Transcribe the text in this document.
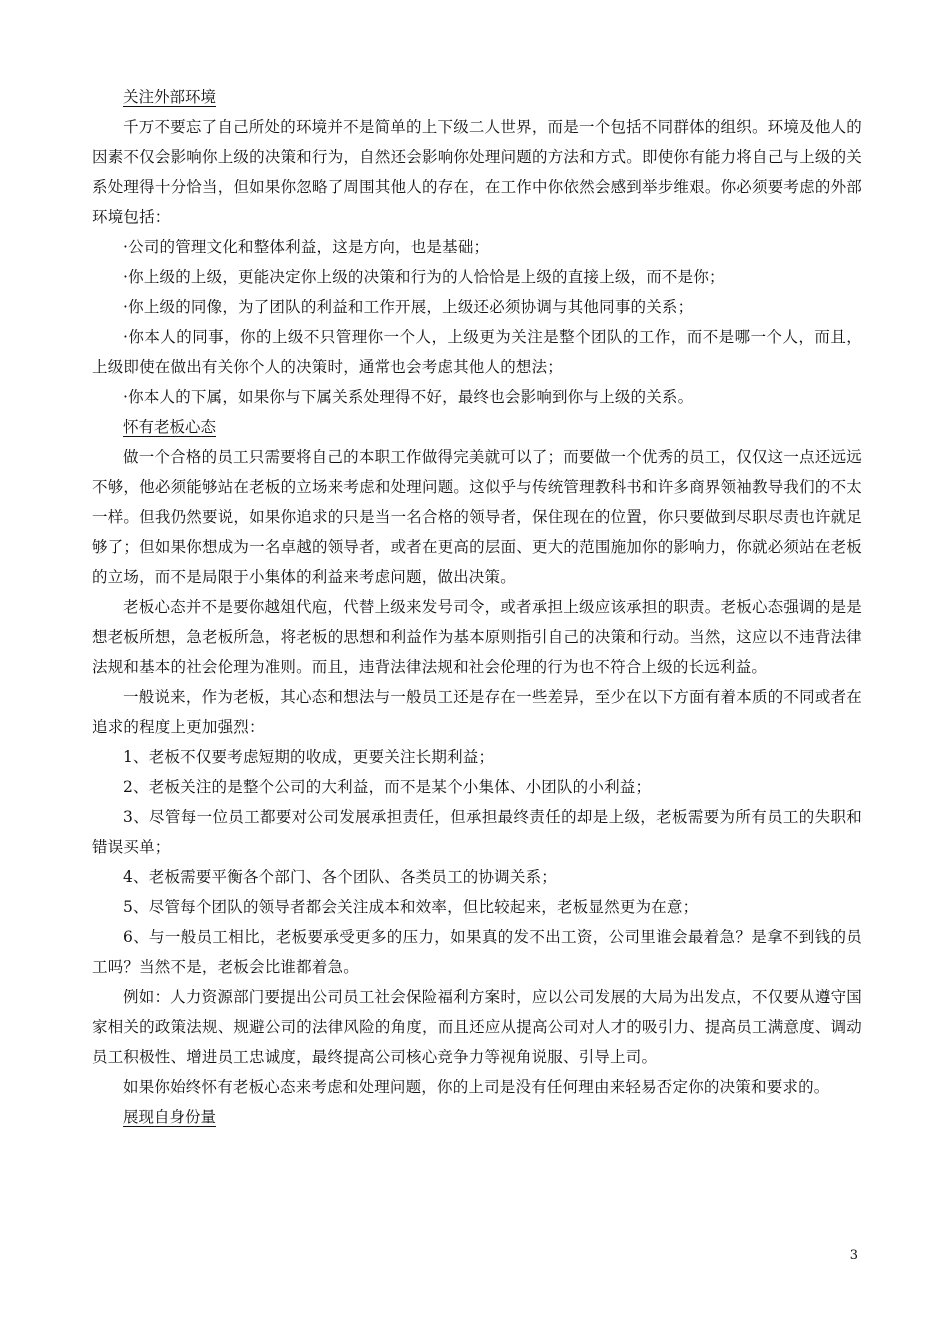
关注外部环境

千万不要忘了自己所处的环境并不是简单的上下级二人世界，而是一个包括不同群体的组织。环境及他人的因素不仅会影响你上级的决策和行为，自然还会影响你处理问题的方法和方式。即使你有能力将自己与上级的关系处理得十分恰当，但如果你忽略了周围其他人的存在，在工作中你依然会感到举步维艰。你必须要考虑的外部环境包括：

·公司的管理文化和整体利益，这是方向，也是基础；

·你上级的上级，更能决定你上级的决策和行为的人恰恰是上级的直接上级，而不是你；

·你上级的同像，为了团队的利益和工作开展，上级还必须协调与其他同事的关系；

·你本人的同事，你的上级不只管理你一个人，上级更为关注是整个团队的工作，而不是哪一个人，而且，上级即使在做出有关你个人的决策时，通常也会考虑其他人的想法；

·你本人的下属，如果你与下属关系处理得不好，最终也会影响到你与上级的关系。

怀有老板心态

做一个合格的员工只需要将自己的本职工作做得完美就可以了；而要做一个优秀的员工，仅仅这一点还远远不够，他必须能够站在老板的立场来考虑和处理问题。这似乎与传统管理教科书和许多商界领袖教导我们的不太一样。但我仍然要说，如果你追求的只是当一名合格的领导者，保住现在的位置，你只要做到尽职尽责也许就足够了；但如果你想成为一名卓越的领导者，或者在更高的层面、更大的范围施加你的影响力，你就必须站在老板的立场，而不是局限于小集体的利益来考虑问题，做出决策。

老板心态并不是要你越俎代庖，代替上级来发号司令，或者承担上级应该承担的职责。老板心态强调的是是想老板所想，急老板所急，将老板的思想和利益作为基本原则指引自己的决策和行动。当然，这应以不违背法律法规和基本的社会伦理为准则。而且，违背法律法规和社会伦理的行为也不符合上级的长远利益。

一般说来，作为老板，其心态和想法与一般员工还是存在一些差异，至少在以下方面有着本质的不同或者在追求的程度上更加强烈：

1、老板不仅要考虑短期的收成，更要关注长期利益；

2、老板关注的是整个公司的大利益，而不是某个小集体、小团队的小利益；

3、尽管每一位员工都要对公司发展承担责任，但承担最终责任的却是上级，老板需要为所有员工的失职和错误买单；

4、老板需要平衡各个部门、各个团队、各类员工的协调关系；

5、尽管每个团队的领导者都会关注成本和效率，但比较起来，老板显然更为在意；

6、与一般员工相比，老板要承受更多的压力，如果真的发不出工资，公司里谁会最着急？是拿不到钱的员工吗？当然不是，老板会比谁都着急。

例如：人力资源部门要提出公司员工社会保险福利方案时，应以公司发展的大局为出发点，不仅要从遵守国家相关的政策法规、规避公司的法律风险的角度，而且还应从提高公司对人才的吸引力、提高员工满意度、调动员工积极性、增进员工忠诚度，最终提高公司核心竞争力等视角说服、引导上司。

如果你始终怀有老板心态来考虑和处理问题，你的上司是没有任何理由来轻易否定你的决策和要求的。

展现自身份量

3
